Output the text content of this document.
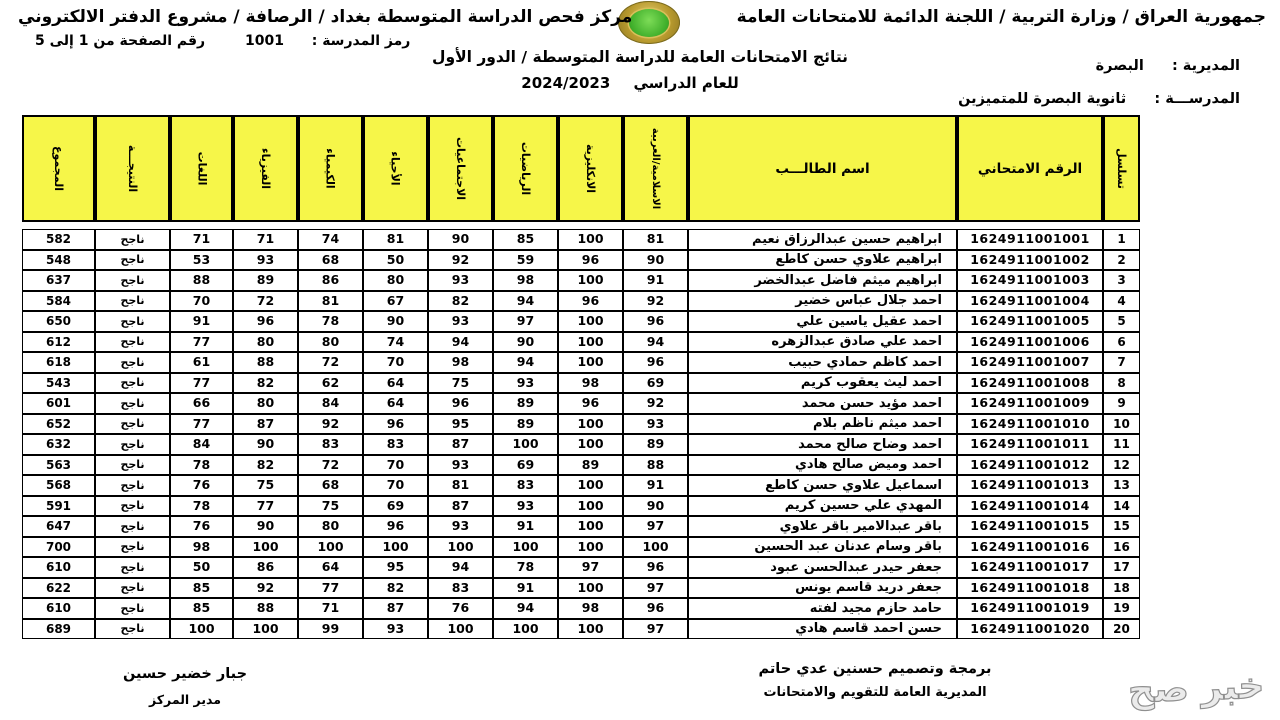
جمهورية العراق / وزارة التربية / اللجنة الدائمة للامتحانات العامة
مركز فحص الدراسة المتوسطة بغداد / الرصافة / مشروع الدفتر الالكتروني
رمز المدرسة :  1001
رقم الصفحة من 1 إلى 5
نتائج الامتحانات العامة للدراسة المتوسطة / الدور الأول
للعام الدراسي 2024/2023
المديرية :  البصرة
المدرســـة :  ثانوية البصرة للمتميزين
تسلسل
الرقم الامتحاني
اسم الطالـــب
الاسلامية/العربية
الانكليزية
الرياضيات
الاجتماعيات
الأحياء
الكيمياء
الفيزياء
اللغات
النتيجـــة
المجموع
1
1624911001001
ابراهيم حسين عبدالرزاق نعيم
81
100
85
90
81
74
71
71
ناجح
582
2
1624911001002
ابراهيم علاوي حسن كاطع
90
96
59
92
50
68
93
53
ناجح
548
3
1624911001003
ابراهيم ميثم فاضل عبدالخضر
91
100
98
93
80
86
89
88
ناجح
637
4
1624911001004
احمد جلال عباس خضير
92
96
94
82
67
81
72
70
ناجح
584
5
1624911001005
احمد عقيل ياسين علي
96
100
97
93
90
78
96
91
ناجح
650
6
1624911001006
احمد علي صادق عبدالزهره
94
100
90
94
74
80
80
77
ناجح
612
7
1624911001007
احمد كاظم حمادي حبيب
96
100
94
98
70
72
88
61
ناجح
618
8
1624911001008
احمد ليث يعقوب كريم
69
98
93
75
64
62
82
77
ناجح
543
9
1624911001009
احمد مؤيد حسن محمد
92
96
89
96
64
84
80
66
ناجح
601
10
1624911001010
احمد ميثم ناظم بلام
93
100
89
95
96
92
87
77
ناجح
652
11
1624911001011
احمد وضاح صالح محمد
89
100
100
87
83
83
90
84
ناجح
632
12
1624911001012
احمد وميض صالح هادي
88
89
69
93
70
72
82
78
ناجح
563
13
1624911001013
اسماعيل علاوي حسن كاطع
91
100
83
81
70
68
75
76
ناجح
568
14
1624911001014
المهدي علي حسين كريم
90
100
93
87
69
75
77
78
ناجح
591
15
1624911001015
باقر عبدالامير باقر علاوي
97
100
91
93
96
80
90
76
ناجح
647
16
1624911001016
باقر وسام عدنان عبد الحسين
100
100
100
100
100
100
100
98
ناجح
700
17
1624911001017
جعفر حيدر عبدالحسن عبود
96
97
78
94
95
64
86
50
ناجح
610
18
1624911001018
جعفر دريد قاسم يونس
97
100
91
83
82
77
92
85
ناجح
622
19
1624911001019
حامد حازم مجيد لفته
96
98
94
76
87
71
88
85
ناجح
610
20
1624911001020
حسن احمد قاسم هادي
97
100
100
100
93
99
100
100
ناجح
689
جبار خضير حسين
مدير المركز
برمجة وتصميم حسنين عدي حاتم
المديرية العامة للتقويم والامتحانات	خبر صح
